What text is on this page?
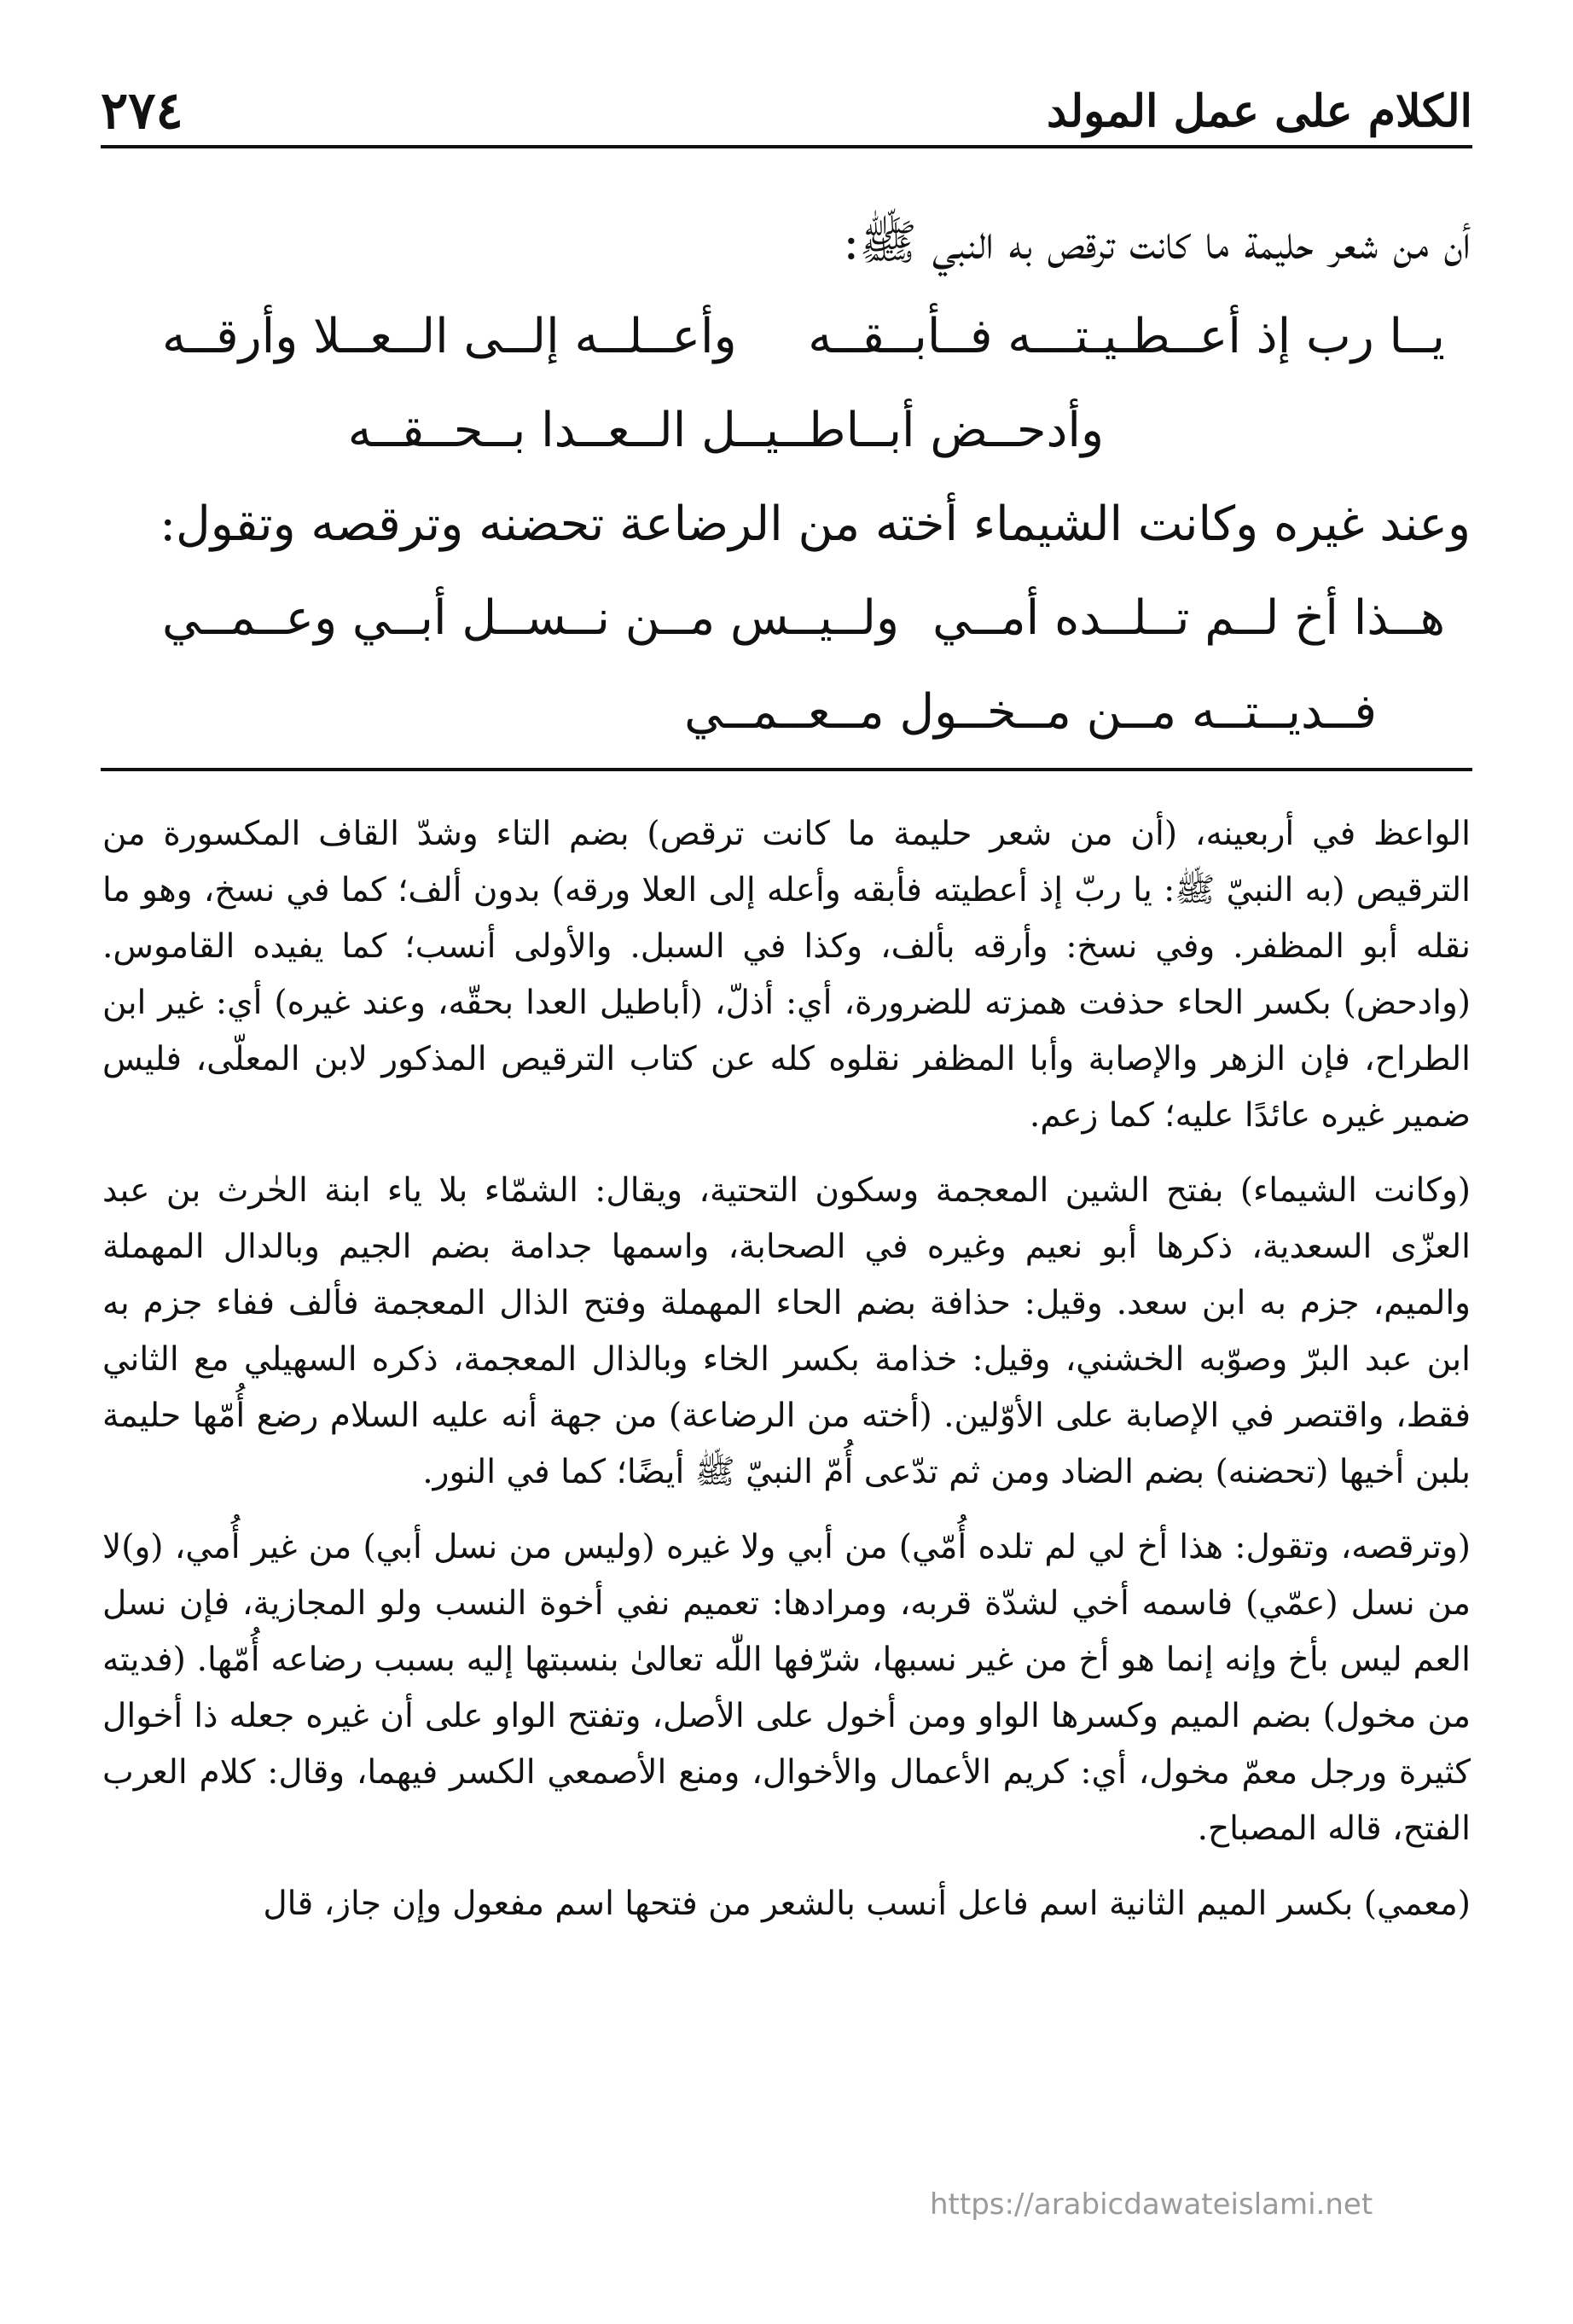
الكلام على عمل المولد
٢٧٤
أن من شعر حليمة ما كانت ترقص به النبي ﷺ:
يــا رب إذ أعــطـيـتـــه فــأبــقــه
وأعــلــه إلــى الــعــلا وأرقــه
وأدحــض أبــاطــيــل الــعــدا بــحــقــه
وعند غيره وكانت الشيماء أخته من الرضاعة تحضنه وترقصه وتقول:
هــذا أخ لــم تــلــده أمــي
ولــيــس مــن نــســل أبــي وعــمــي
فــديــتــه مــن مــخــول مــعــمــي

الواعظ في أربعينه، (أن من شعر حليمة ما كانت ترقص) بضم التاء وشدّ القاف المكسورة من الترقيص (به النبيّ ﷺ: يا ربّ إذ أعطيته فأبقه وأعله إلى العلا ورقه) بدون ألف؛ كما في نسخ، وهو ما نقله أبو المظفر. وفي نسخ: وأرقه بألف، وكذا في السبل. والأولى أنسب؛ كما يفيده القاموس. (وادحض) بكسر الحاء حذفت همزته للضرورة، أي: أذلّ، (أباطيل العدا بحقّه، وعند غيره) أي: غير ابن الطراح، فإن الزهر والإصابة وأبا المظفر نقلوه كله عن كتاب الترقيص المذكور لابن المعلّى، فليس ضمير غيره عائدًا عليه؛ كما زعم.

(وكانت الشيماء) بفتح الشين المعجمة وسكون التحتية، ويقال: الشمّاء بلا ياء ابنة الحٰرث بن عبد العزّى السعدية، ذكرها أبو نعيم وغيره في الصحابة، واسمها جدامة بضم الجيم وبالدال المهملة والميم، جزم به ابن سعد. وقيل: حذافة بضم الحاء المهملة وفتح الذال المعجمة فألف ففاء جزم به ابن عبد البرّ وصوّبه الخشني، وقيل: خذامة بكسر الخاء وبالذال المعجمة، ذكره السهيلي مع الثاني فقط، واقتصر في الإصابة على الأوّلين. (أخته من الرضاعة) من جهة أنه عليه السلام رضع أُمّها حليمة بلبن أخيها (تحضنه) بضم الضاد ومن ثم تدّعى أُمّ النبيّ ﷺ أيضًا؛ كما في النور.

(وترقصه، وتقول: هذا أخ لي لم تلده أُمّي) من أبي ولا غيره (وليس من نسل أبي) من غير أُمي، (و)لا من نسل (عمّي) فاسمه أخي لشدّة قربه، ومرادها: تعميم نفي أخوة النسب ولو المجازية، فإن نسل العم ليس بأخ وإنه إنما هو أخ من غير نسبها، شرّفها اللّٰه تعالىٰ بنسبتها إليه بسبب رضاعه أُمّها. (فديته من مخول) بضم الميم وكسرها الواو ومن أخول على الأصل، وتفتح الواو على أن غيره جعله ذا أخوال كثيرة ورجل معمّ مخول، أي: كريم الأعمال والأخوال، ومنع الأصمعي الكسر فيهما، وقال: كلام العرب الفتح، قاله المصباح.

(معمي) بكسر الميم الثانية اسم فاعل أنسب بالشعر من فتحها اسم مفعول وإن جاز، قال

https://arabicdawateislami.net
